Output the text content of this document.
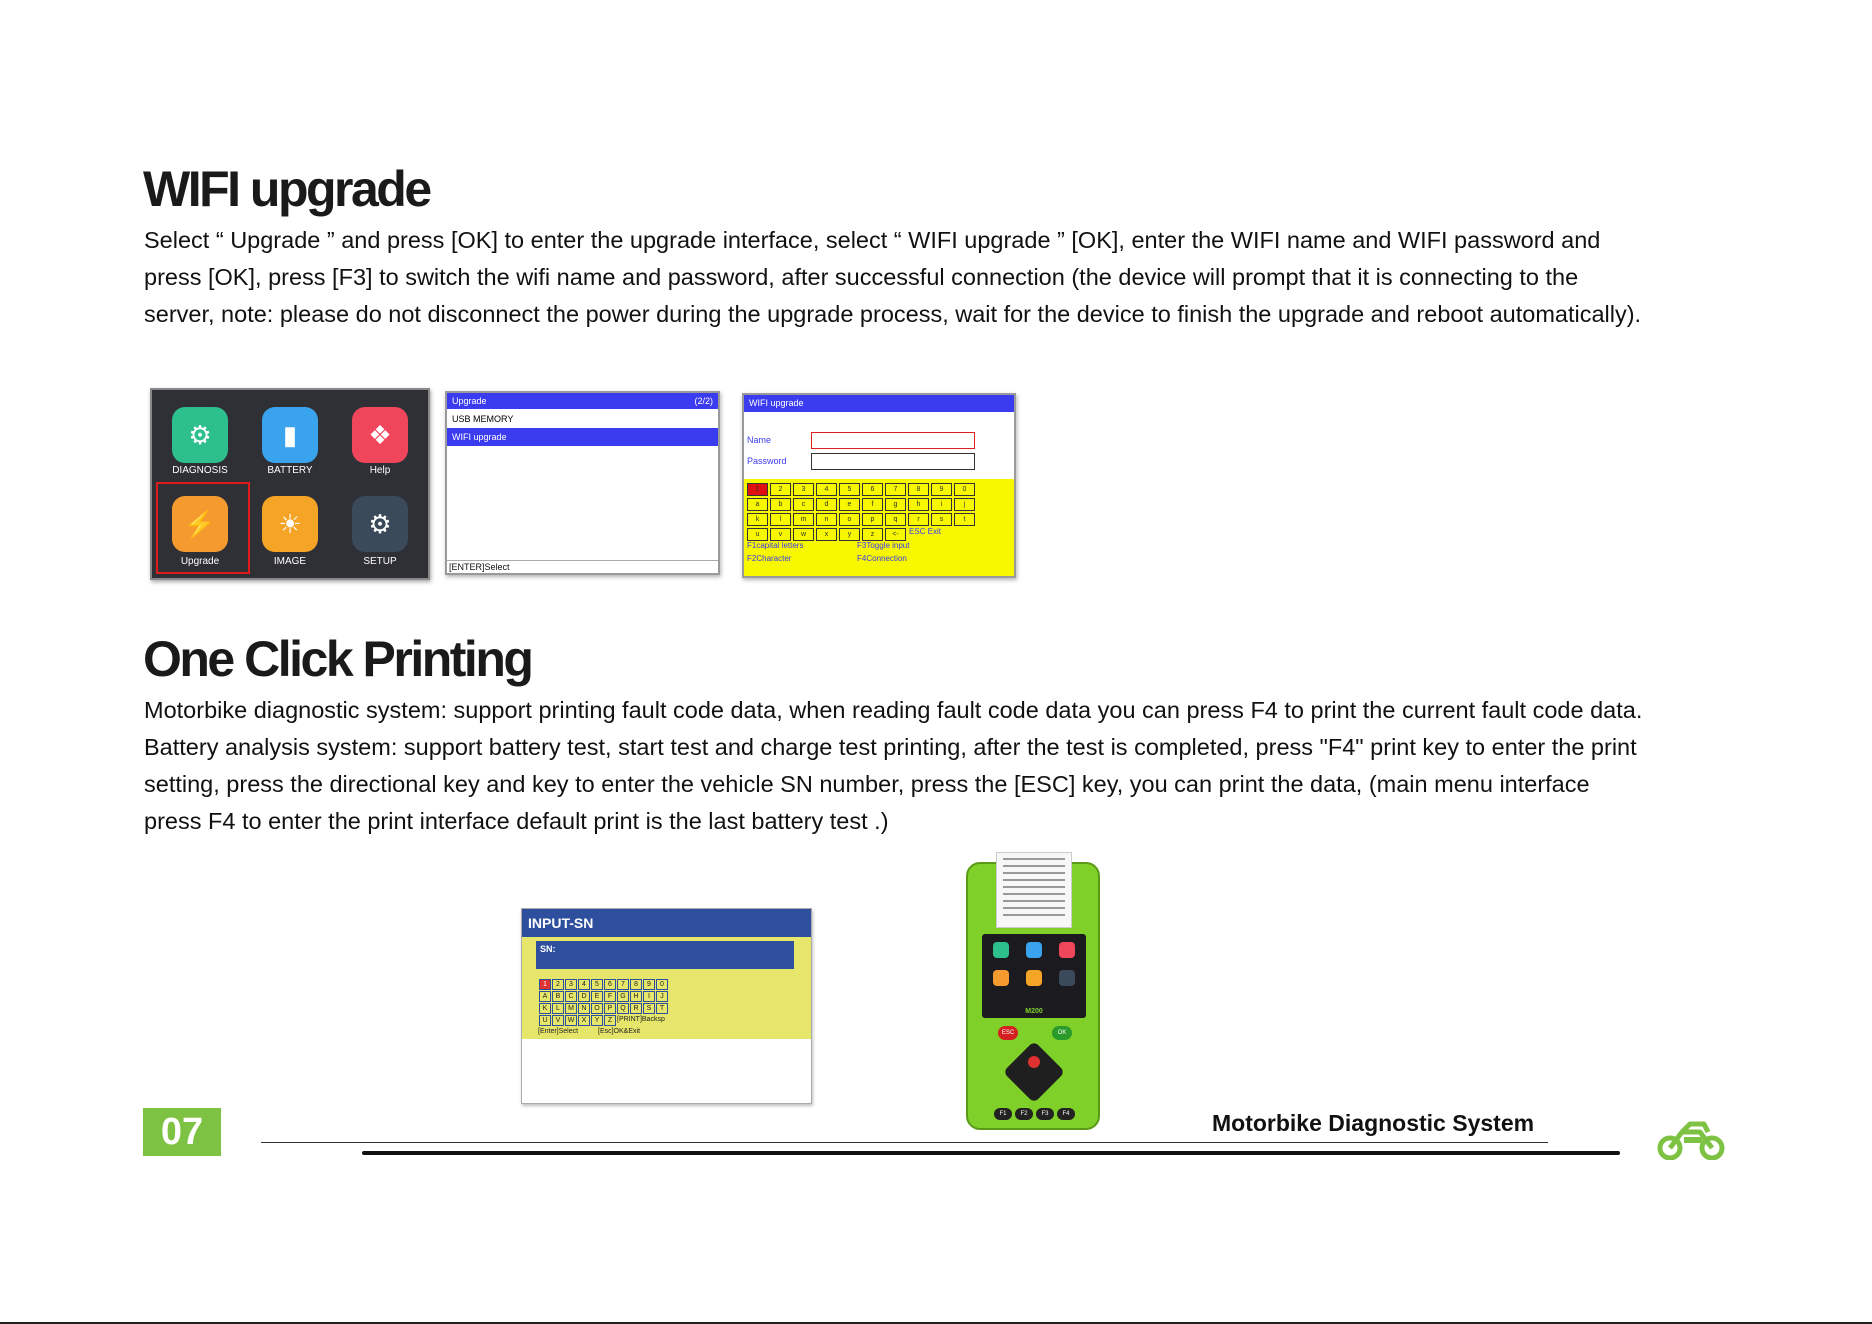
WIFI upgrade

Select “ Upgrade ” and press [OK] to enter the upgrade interface, select “ WIFI upgrade ” [OK], enter the WIFI name and WIFI password and

press [OK], press [F3] to switch the wifi name and password, after successful connection (the device will prompt that it is connecting to the

server, note: please do not disconnect the power during the upgrade process, wait for the device to finish the upgrade and reboot automatically).

⚙	▮	❖
DIAGNOSIS	BATTERY	Help
⚡	☀	⚙
Upgrade	IMAGE	SETUP
Upgrade	(2/2)
USB MEMORY
WIFI upgrade
[ENTER]Select
WIFI upgrade
Name
Password
1	2	3	4	5	6	7	8	9	0
a	b	c	d	e	f	g	h	i	j
k	l	m	n	o	p	q	r	s	t
u	v	w	x	y	z	<-	ESC Exit
F1capital letters	F3Toggle input
F2Character	F4Connection
One Click Printing

Motorbike diagnostic system: support printing fault code data, when reading fault code data you can press F4 to print the current fault code data.

Battery analysis system: support battery test, start test and charge test printing, after the test is completed, press "F4" print key to enter the print

setting, press the directional key and key to enter the vehicle SN number, press the [ESC] key, you can print the data, (main menu interface

press F4 to enter the print interface default print is the last battery test .)

INPUT-SN
SN:
1	2	3	4	5	6	7	8	9	0
A	B	C	D	E	F	G	H	I	J
K	L	M	N	O	P	Q	R	S	T
U	V	W	X	Y	Z [PRINT]Backsp
[Enter]Select	[Esc]OK&Exit
M200
ESC	OK
F1	F2	F3	F4
07	Motorbike Diagnostic System
